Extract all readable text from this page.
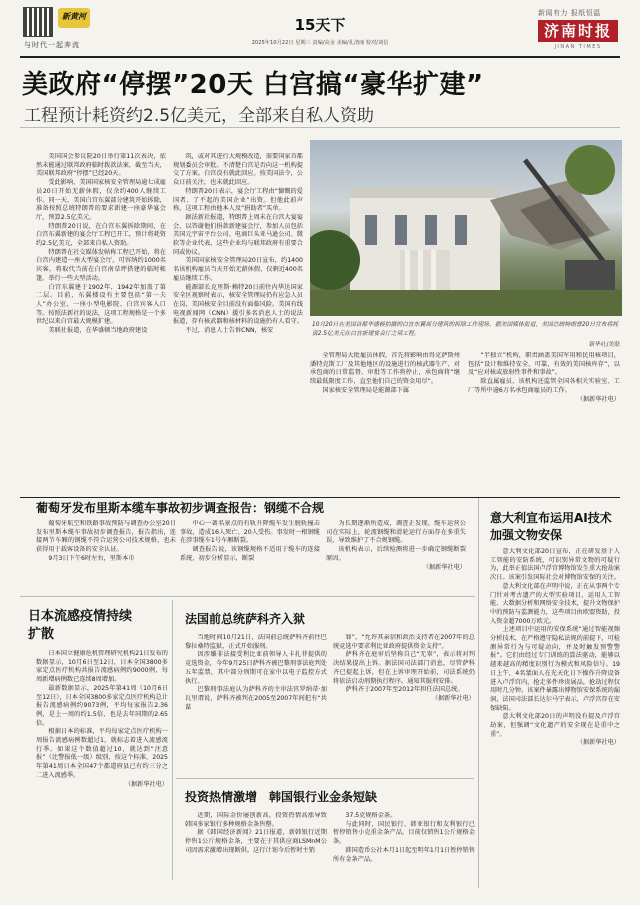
新黄河
与时代一起奔流
15天下
2025年10月22日 星期三 责编/高金 美编/孔清丽 校对/刘信
新闻有力 报纸恒温
济南时报
JINAN TIMES
美政府“停摆”20天 白宫搞“豪华扩建”
工程预计耗资约2.5亿美元，全部来自私人资助

美国国会参议院20日举行第11次表决，依然未能通过联邦政府临时拨款法案，截至当天，美国联邦政府“停摆”已经20天。

受此影响，美国国家核安全管理局逾七成雇员20日开始无薪休假，仅余约400人继续工作。同一天，美国白宫东翼部分建筑开始拆除，准备按照总统特朗普的要求新建一座豪华宴会厅，预算2.5亿美元。

特朗普20日说，在白宫东翼拆除期间，在白宫东翼新建的宴会厅工程已开工，预计将耗资约2.5亿美元，全部来自私人资助。

特朗普在社交媒体发帖称工程已开始，将在白宫内建造一座大型宴会厅，可容纳约1000名宾客，将取代当前在白宫南草坪搭建的临时帐篷，举行一些大型活动。

白宫东翼建于1902年，1942年加盖了第二层。目前，东翼楼设有主要包括“第一夫人”办公室、一座小型电影院、白宫宾客入口等。按照法新社的说法，这项工程规格是一个多世纪以来白宫最大规模扩建。

美联社报道，在华盛顿当地政府建设

筑，或对其进行大规模改造，需要国家首都规划委员会审批。不清楚白宫是否向这一机构提交了方案。白宫没有就此回应。按美国法令，公众日前关注，也未就此回应。

特朗普20日表示，宴会厅工程由“慷慨的爱国者、了不起的美国企业”出资。但他此前声称，这项工程由他本人及“捐助者”买单。

据法新社报道，特朗普上周末在白宫大宴宴会，以答谢他们捐款新建宴会厅，参加人员包括美国元宇宙平台公司、电商巨头亚马逊公司、微软等企业代表，这些企业均与联邦政府有重要合同或协议。

美国国家核安全管理局20日宣布，约1400名该机构雇员当天开始无薪休假，仅剩近400名雇员继续工作。

能源部长克里斯·赖特20日前往内华达国家安全区视察时表示，核安全管理局仍有应急人员在岗，美国核安全目前没有面临风险。美国有线电视新闻网（CNN）援引多名消息人士的说法报道，存有核武器和核材料的设施仍有人看守。

不过，消息人士告诉CNN，核安

10月20日在美国首都华盛顿拍摄的白宫东翼部分建筑的拆除工作现场，据美国媒体报道，美国总统特朗普20日宣布将耗资2.5亿美元在白宫新建宴会厅之项工程。
新华社/美联

全管理局大批雇员休假，首先将影响由得克萨斯州潘特克斯工厂及其他地区的设施进行的核武器生产、对承包商的日常监督、审批等工作将停止，承包商将“继续最低限度工作，直至他们自己的资金用尽”。

国家核安全管理局是能源部下属

“半独立”机构，职责涵盖美国军用和民用核项目，包括“设计和维持安全、可靠、有效的美国核库存”，以及“应对核或放射性事件和事故”。

除直属雇员，该机构还监管全国各相关实验室、工厂等所中逾6万名承包商雇员的工作。

（据新华社电）
葡萄牙发布里斯本缆车事故初步调查报告：钢缆不合规

葡萄牙航空和铁路事故预防与调查办公室20日发布里斯本缆车事故初步调查报告，报告指出，连接两节车厢的钢缆不符合运营公司技术规格，也未获得用于载客设备的安全认证。

9月3日下午6时左右，里斯本市

中心一著名景点的有轨升降缆车发生脱轨撞击事故，造成16人死亡、20人受伤。事发时一根钢缆在涉事缆车1号车厢断裂。

调查报告说，该钢缆规格不适用于缆车的连接系统，初步分析显示，断裂

为长期逐渐所造成，调查正发现，缆车运营公司在实际上，轮流钢缆和滑轮运行方面存在多重失误，导致维护了不合规钢缆。

该机构表示，后续检测将进一步确定钢缆断裂原因。

（据新华社电）
日本流感疫情持续扩散

日本国立健康危机管理研究机构21日发布的数据显示，10月6日至12日，日本全国3800多家定点医疗机构共报告流感病例约9000例，每周新增病例数已连续8周增加。

最新数据显示，2025年第41周（10月6日至12日），日本全国3800多家定点医疗机构总计报告流感病例约9073例，平均每家报告2.36例，是上一周的约1.5倍，也是去年同期的2.65倍。

根据日本的标准，平均每家定点医疗机构一周报告流感病例数超过1，就标志着进入流感流行季。如果这个数值超过10，就达到“注意报”（比警报低一级）级别，按这个标准，2025年第41周日本全国47个都道府县已有约三分之二进入流感季。

（据新华社电）
法国前总统萨科齐入狱

当地时间10月21日，法国前总统萨科齐前往巴黎拉桑特监狱，正式开始服刑。

因涉嫌非法接受利比亚前领导人卡扎菲提供的竞选资金，今年9月25日萨科齐被巴黎刑事法庭判处五年监禁，其中部分刑期可在家中以电子监控方式执行。

巴黎刑事法庭认为萨科齐的主审法官罗纳蒂·加瓦里谓说，萨科齐被判在2005至2007年间犯有“共谋

罪”，“允许其亲信和政治支持者在2007年的总统竞选中要求利比亚政府提供资金支持”。

萨科齐在庭审后坚称自己“无辜”，表示将对判决结果提出上诉。据法国司法部门消息，尽管萨科齐已提起上诉，但在上诉审理开始前，司法系统仍将依法启动刑期执行程序。通知其服刑安排。

萨科齐于2007年至2012年担任法国总统。

（据新华社电）
投资热情激增　韩国银行业金条短缺

近期，国际金价屡创新高，投资热情高涨导致韩国多家银行多种规格金条售罄。

据《韩国经济新闻》21日报道，新韩银行近期停售1公斤规格金条，主要在于其供应商LSMnM公司因需求激增出现断供。这行计划今后暂时主销

37.5克规格金条。

与此同时，国民银行、韩亚银行和友利银行已暂停销售小克重金条产品，目前仅销售1公斤规格金条。

韩国造币公社本月1日起至明年1月1日暂停销售所有金条产品。

意大利宣布运用AI技术加强文物安保

意大利文化部20日宣布，正在研发基于人工智能的安防系统，可识别异常文物的可疑行为，此举正值法国卢浮宫博物馆发生重大抢劫案次日。该案引发国际社会对博物馆安保的关注。

意大利文化部在声明中说，正在从事两个专门针对考古遗产的大型实验项目，运用人工智能、大数据分析和网络安全技术，提升文物保护中的预防与监测能力，这些项目由欧盟资助，投入资金超7000万欧元。

上述项目中运用的安保系统“通过智能视频分析技术，在严格遵守隐私法规的前提下，可检测异常行为与可疑动向，并及时触发预警警报”。它们由经过专门训练的算法驱动，能够以越来越高的精度识别行为模式和风险信号。19日上午，4名蒙面人在光天化日下操作升降设备进入卢浮宫内，抢走多件珍贵展品，抢劫过程仅用时几分钟。该案件暴露出博物馆安保系统的漏洞，法国司法部长达尔马宁表示，卢浮宫存在安保缺陷。

意大利文化部20日的声明没有提及卢浮宫劫案，但强调“文化遗产的安全现在是重中之重”。

（据新华社电）
